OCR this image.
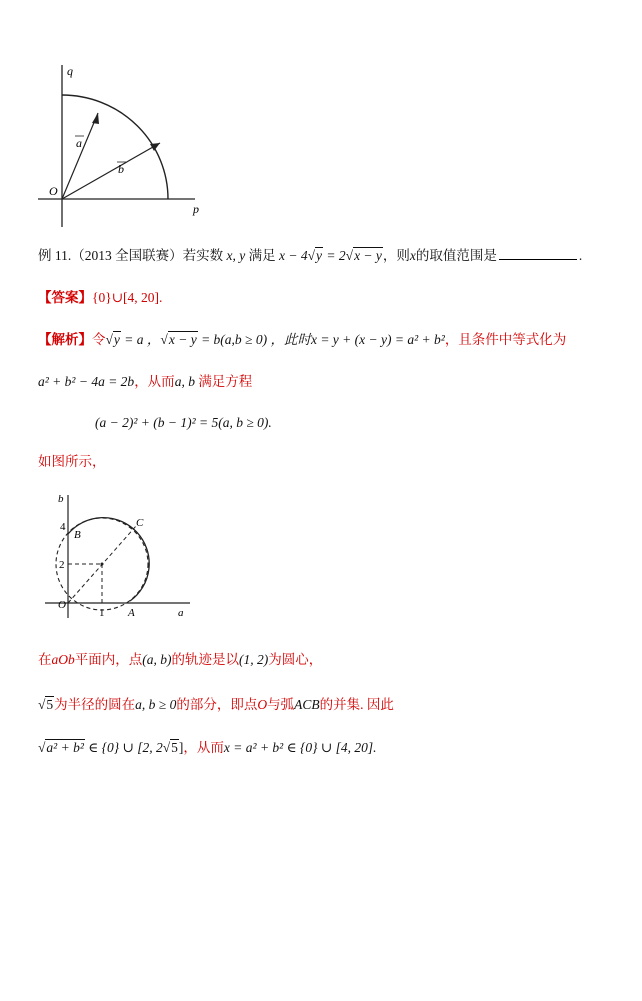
q
p
O
a
b
例 11.（2013 全国联赛）若实数 x, y 满足 x − 4√y = 2√x − y，则x的取值范围是	.
【答案】{0}∪[4, 20].
【解析】令√y = a ，√x − y = b(a,b ≥ 0) ，此时x = y + (x − y) = a² + b²，且条件中等式化为
a² + b² − 4a = 2b，从而a, b 满足方程
(a − 2)² + (b − 1)² = 5(a, b ≥ 0).
如图所示，
b
a
O
4
2
1
B
C
A
在aOb平面内，点(a, b)的轨迹是以(1, 2)为圆心，
√5为半径的圆在a, b ≥ 0的部分，即点O与弧ACB的并集. 因此
√a² + b² ∈ {0} ∪ [2, 2√5]，从而x = a² + b² ∈ {0} ∪ [4, 20].
